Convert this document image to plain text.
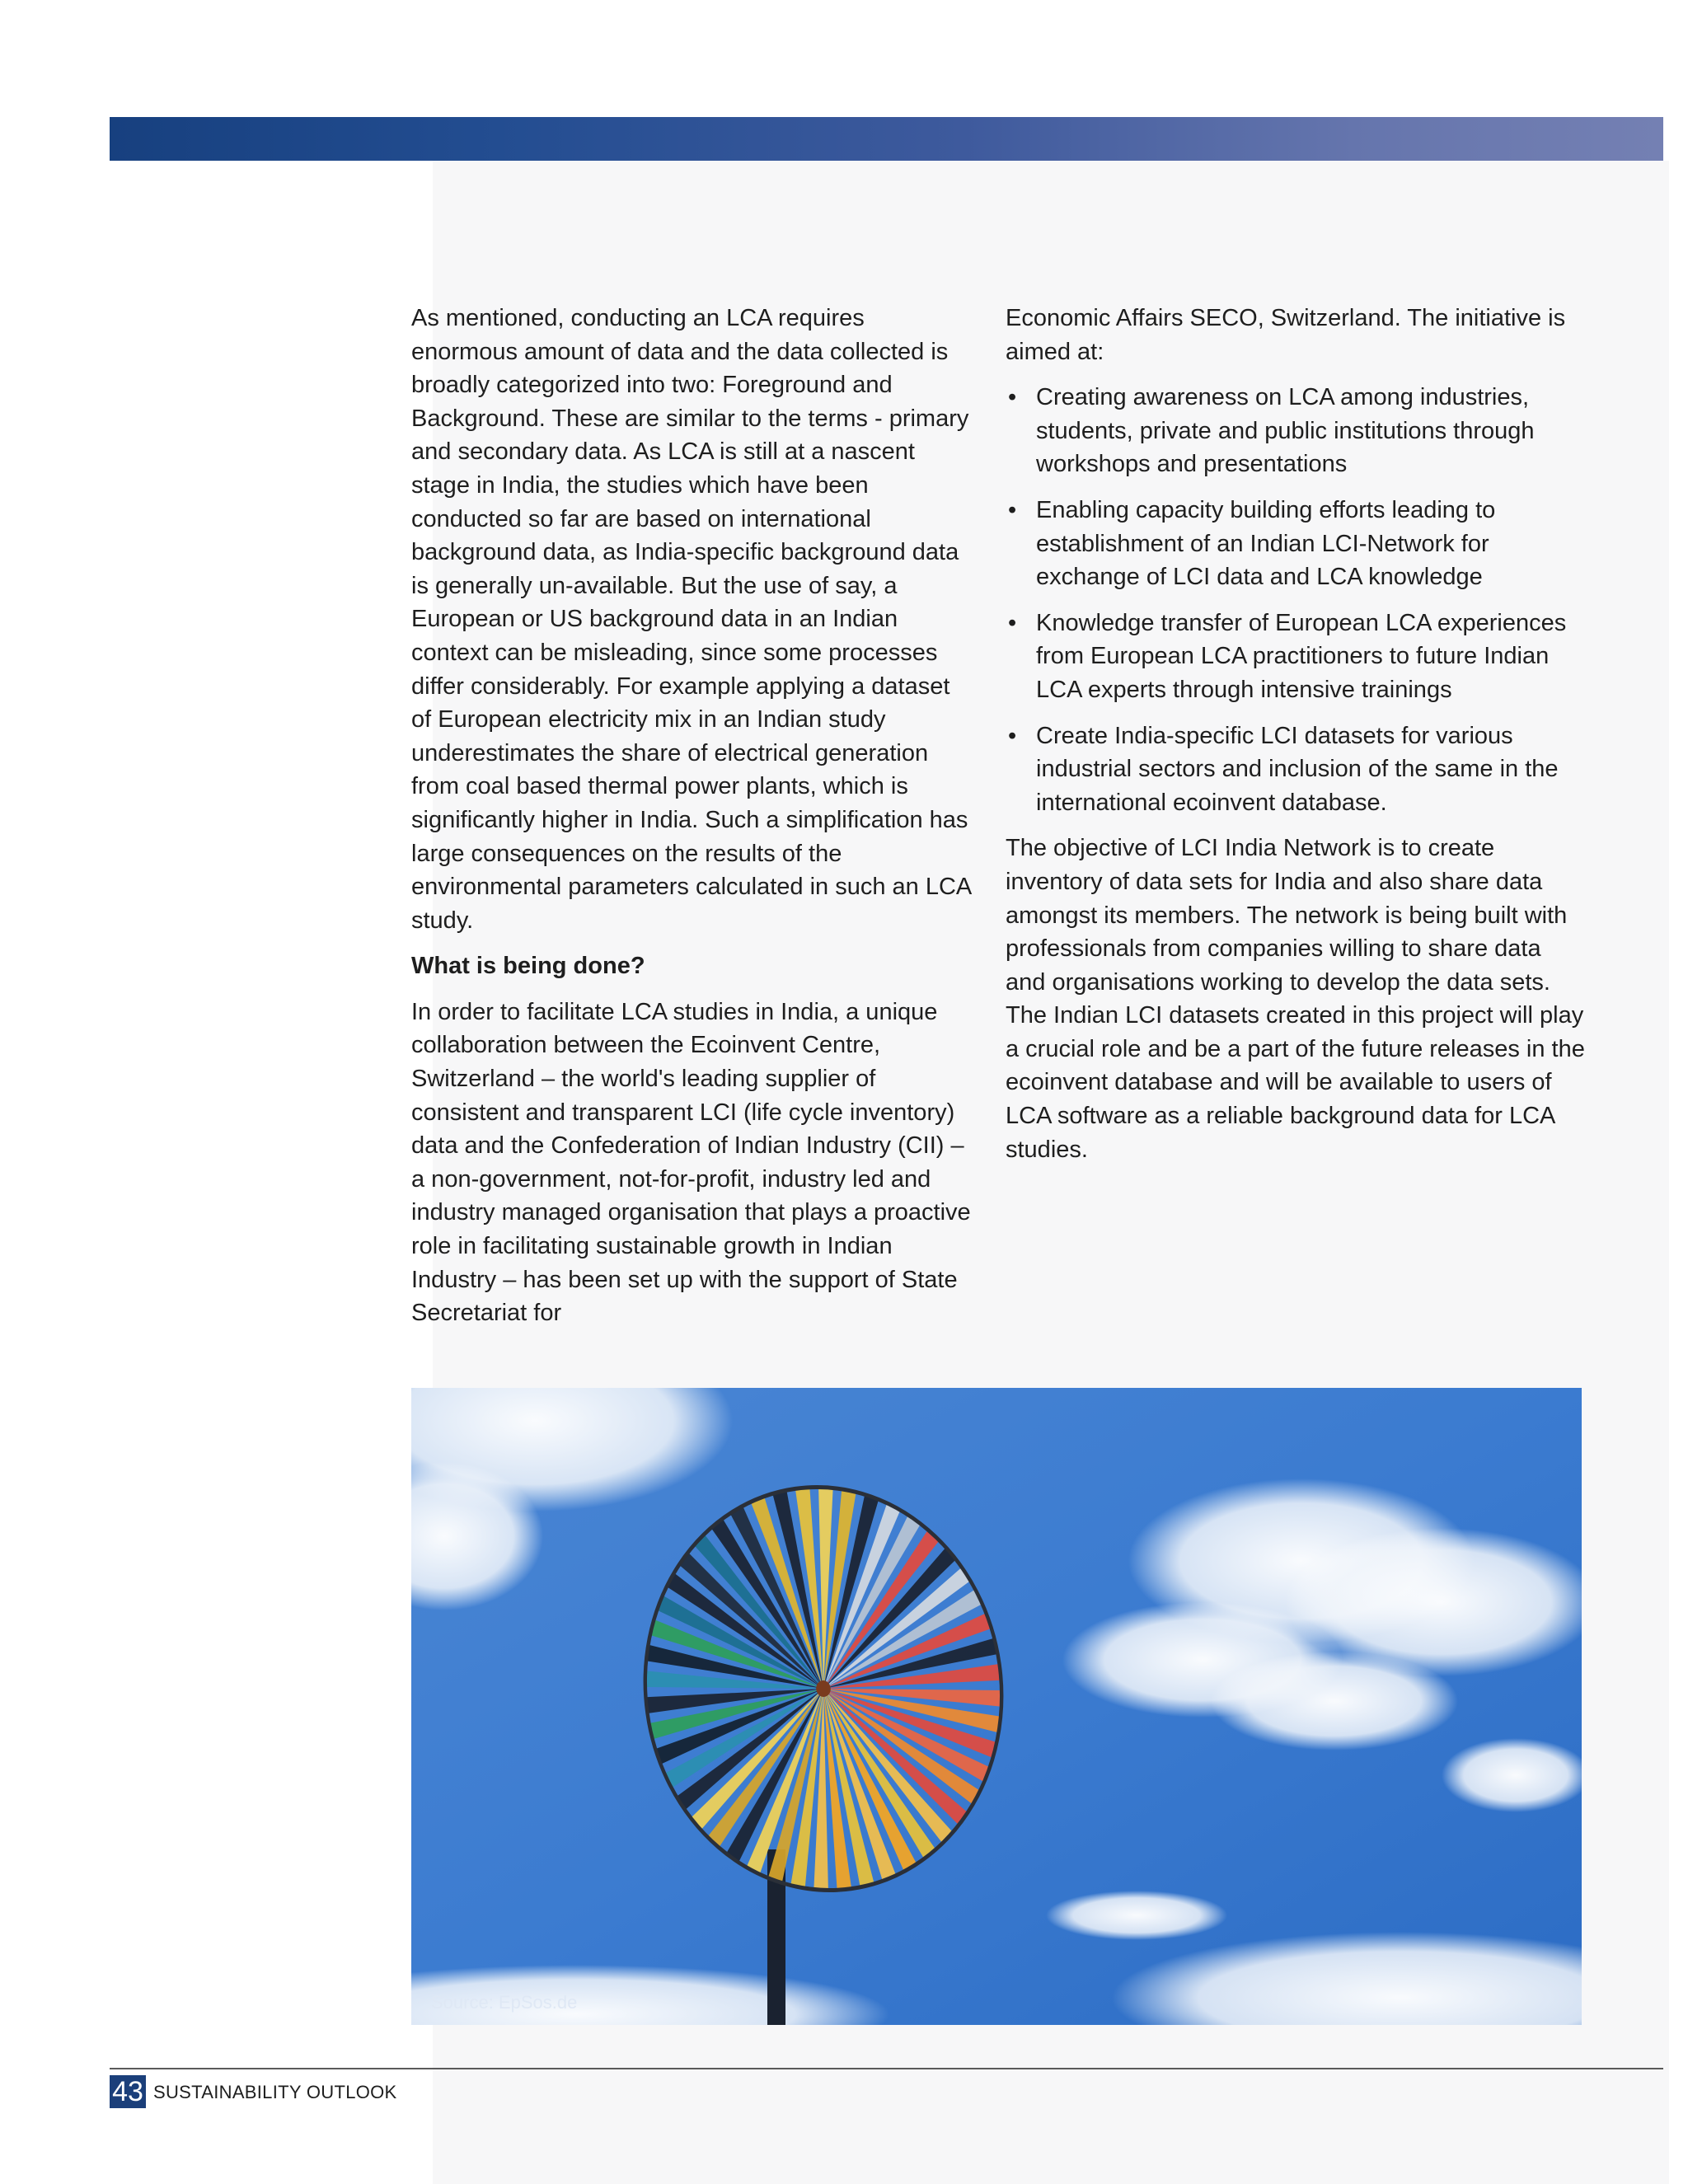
As mentioned, conducting an LCA requires enormous amount of data and the data collected is broadly categorized into two: Foreground and Background. These are similar to the terms - primary and secondary data. As LCA is still at a nascent stage in India, the studies which have been conducted so far are based on international background data, as India-specific background data is generally un-available. But the use of say, a European or US background data in an Indian context can be misleading, since some processes differ considerably. For example applying a dataset of European electricity mix in an Indian study underestimates the share of electrical generation from coal based thermal power plants, which is significantly higher in India. Such a simplification has large consequences on the results of the environmental parameters calculated in such an LCA study.

What is being done?

In order to facilitate LCA studies in India, a unique collaboration between the Ecoinvent Centre, Switzerland – the world's leading supplier of consistent and transparent LCI (life cycle inventory) data and the Confederation of Indian Industry (CII) – a non-government, not-for-profit, industry led and industry managed organisation that plays a proactive role in facilitating sustainable growth in Indian Industry – has been set up with the support of State Secretariat for

Economic Affairs SECO, Switzerland. The initiative is aimed at:

• Creating awareness on LCA among industries, students, private and public institutions through workshops and presentations
• Enabling capacity building efforts leading to establishment of an Indian LCI-Network for exchange of LCI data and LCA knowledge
• Knowledge transfer of European LCA experiences from European LCA practitioners to future Indian LCA experts through intensive trainings
• Create India-specific LCI datasets for various industrial sectors and inclusion of the same in the international ecoinvent database.

The objective of LCI India Network is to create inventory of data sets for India and also share data amongst its members. The network is being built with professionals from companies willing to share data and organisations working to develop the data sets. The Indian LCI datasets created in this project will play a crucial role and be a part of the future releases in the ecoinvent database and will be available to users of LCA software as a reliable background data for LCA studies.

Source: EpSos.de
43 SUSTAINABILITY OUTLOOK
